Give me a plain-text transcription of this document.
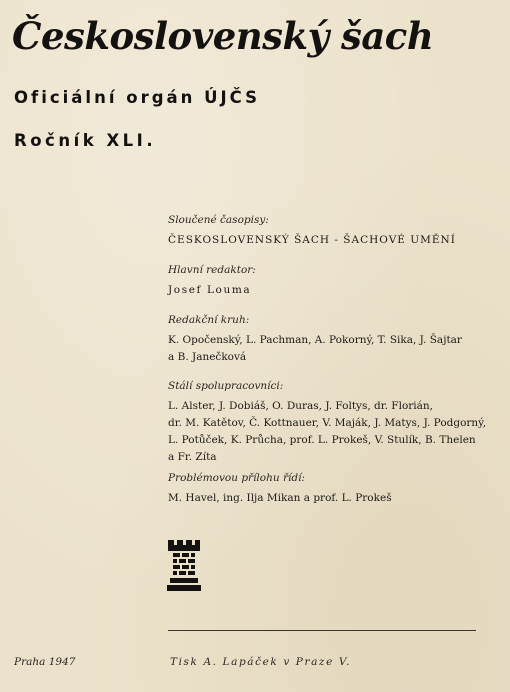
Československý šach
Oficiální orgán ÚJČS
Ročník XLI.

Sloučené časopisy:

ČESKOSLOVENSKÝ ŠACH - ŠACHOVÉ UMĚNÍ

Hlavní redaktor:

Josef Louma

Redakční kruh:

K. Opočenský, L. Pachman, A. Pokorný, T. Sika, J. Šajtar

a B. Janečková

Stálí spolupracovníci:

L. Alster, J. Dobiáš, O. Duras, J. Foltys, dr. Florián,

dr. M. Katětov, Č. Kottnauer, V. Maják, J. Matys, J. Podgorný,

L. Potůček, K. Průcha, prof. L. Prokeš, V. Stulík, B. Thelen

a Fr. Zíta

Problémovou přílohu řídí:

M. Havel, ing. Ilja Mikan a prof. L. Prokeš

Praha 1947	Tisk A. Lapáček v Praze V.
